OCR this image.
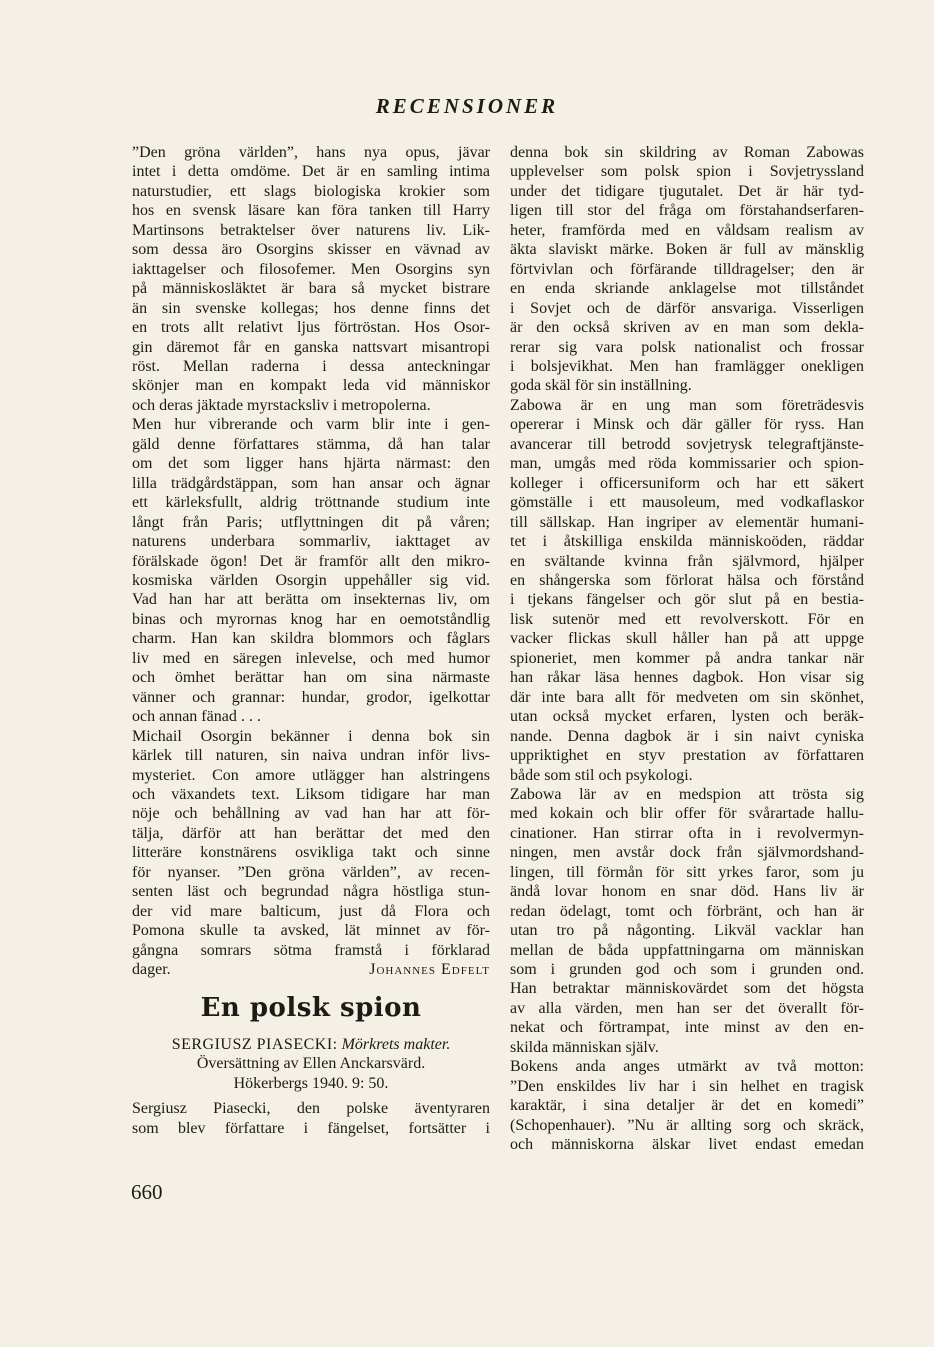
RECENSIONER
”Den gröna världen”, hans nya opus, jävar
intet i detta omdöme. Det är en samling intima
naturstudier, ett slags biologiska krokier som
hos en svensk läsare kan föra tanken till Harry
Martinsons betraktelser över naturens liv. Lik-
som dessa äro Osorgins skisser en vävnad av
iakttagelser och filosofemer. Men Osorgins syn
på människosläktet är bara så mycket bistrare
än sin svenske kollegas; hos denne finns det
en trots allt relativt ljus förtröstan. Hos Osor-
gin däremot får en ganska nattsvart misantropi
röst. Mellan raderna i dessa anteckningar
skönjer man en kompakt leda vid människor
och deras jäktade myrstacksliv i metropolerna.
Men hur vibrerande och varm blir inte i gen-
gäld denne författares stämma, då han talar
om det som ligger hans hjärta närmast: den
lilla trädgårdstäppan, som han ansar och ägnar
ett kärleksfullt, aldrig tröttnande studium inte
långt från Paris; utflyttningen dit på våren;
naturens underbara sommarliv, iakttaget av
förälskade ögon! Det är framför allt den mikro-
kosmiska världen Osorgin uppehåller sig vid.
Vad han har att berätta om insekternas liv, om
binas och myrornas knog har en oemotståndlig
charm. Han kan skildra blommors och fåglars
liv med en säregen inlevelse, och med humor
och ömhet berättar han om sina närmaste
vänner och grannar: hundar, grodor, igelkottar
och annan fänad . . .
Michail Osorgin bekänner i denna bok sin
kärlek till naturen, sin naiva undran inför livs-
mysteriet. Con amore utlägger han alstringens
och växandets text. Liksom tidigare har man
nöje och behållning av vad han har att för-
tälja, därför att han berättar det med den
litteräre konstnärens osvikliga takt och sinne
för nyanser. ”Den gröna världen”, av recen-
senten läst och begrundad några höstliga stun-
der vid mare balticum, just då Flora och
Pomona skulle ta avsked, lät minnet av för-
gångna somrars sötma framstå i förklarad
dager.	Johannes Edfelt
En polsk spion
SERGIUSZ PIASECKI: Mörkrets makter.
Översättning av Ellen Anckarsvärd.
Hökerbergs 1940. 9: 50.
Sergiusz Piasecki, den polske äventyraren
som blev författare i fängelset, fortsätter i
denna bok sin skildring av Roman Zabowas
upplevelser som polsk spion i Sovjetryssland
under det tidigare tjugutalet. Det är här tyd-
ligen till stor del fråga om förstahandserfaren-
heter, framförda med en våldsam realism av
äkta slaviskt märke. Boken är full av mänsklig
förtvivlan och förfärande tilldragelser; den är
en enda skriande anklagelse mot tillståndet
i Sovjet och de därför ansvariga. Visserligen
är den också skriven av en man som dekla-
rerar sig vara polsk nationalist och frossar
i bolsjevikhat. Men han framlägger onekligen
goda skäl för sin inställning.
Zabowa är en ung man som företrädesvis
opererar i Minsk och där gäller för ryss. Han
avancerar till betrodd sovjetrysk telegraftjänste-
man, umgås med röda kommissarier och spion-
kolleger i officersuniform och har ett säkert
gömställe i ett mausoleum, med vodkaflaskor
till sällskap. Han ingriper av elementär humani-
tet i åtskilliga enskilda människoöden, räddar
en svältande kvinna från självmord, hjälper
en shångerska som förlorat hälsa och förstånd
i tjekans fängelser och gör slut på en bestia-
lisk sutenör med ett revolverskott. För en
vacker flickas skull håller han på att uppge
spioneriet, men kommer på andra tankar när
han råkar läsa hennes dagbok. Hon visar sig
där inte bara allt för medveten om sin skönhet,
utan också mycket erfaren, lysten och beräk-
nande. Denna dagbok är i sin naivt cyniska
uppriktighet en styv prestation av författaren
både som stil och psykologi.
Zabowa lär av en medspion att trösta sig
med kokain och blir offer för svårartade hallu-
cinationer. Han stirrar ofta in i revolvermyn-
ningen, men avstår dock från självmordshand-
lingen, till förmån för sitt yrkes faror, som ju
ändå lovar honom en snar död. Hans liv är
redan ödelagt, tomt och förbränt, och han är
utan tro på någonting. Likväl vacklar han
mellan de båda uppfattningarna om människan
som i grunden god och som i grunden ond.
Han betraktar människovärdet som det högsta
av alla värden, men han ser det överallt för-
nekat och förtrampat, inte minst av den en-
skilda människan själv.
Bokens anda anges utmärkt av två motton:
”Den enskildes liv har i sin helhet en tragisk
karaktär, i sina detaljer är det en komedi”
(Schopenhauer). ”Nu är allting sorg och skräck,
och människorna älskar livet endast emedan
660
